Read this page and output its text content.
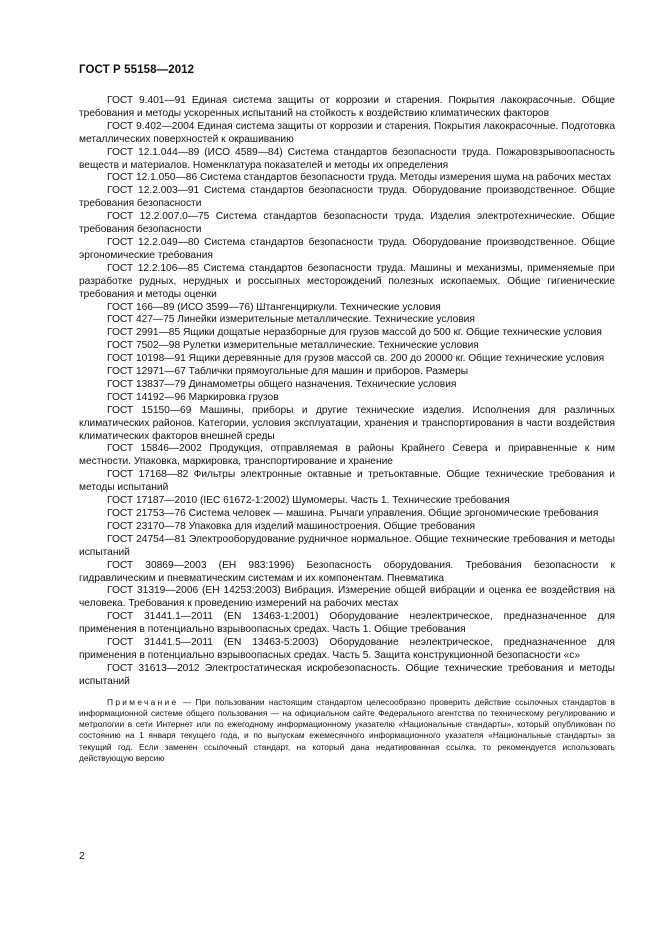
ГОСТ Р 55158—2012

ГОСТ 9.401—91 Единая система защиты от коррозии и старения. Покрытия лакокрасочные. Общие требования и методы ускоренных испытаний на стойкость к воздействию климатических факторов

ГОСТ 9.402—2004 Единая система защиты от коррозии и старения. Покрытия лакокрасочные. Подготовка металлических поверхностей к окрашиванию

ГОСТ 12.1.044—89 (ИСО 4589—84) Система стандартов безопасности труда. Пожаровзрывоопасность веществ и материалов. Номенклатура показателей и методы их определения

ГОСТ 12.1.050—86 Система стандартов безопасности труда. Методы измерения шума на рабочих местах

ГОСТ 12.2.003—91 Система стандартов безопасности труда. Оборудование производственное. Общие требования безопасности

ГОСТ 12.2.007.0—75 Система стандартов безопасности труда. Изделия электротехнические. Общие требования безопасности

ГОСТ 12.2.049—80 Система стандартов безопасности труда. Оборудование производственное. Общие эргономические требования

ГОСТ 12.2.106—85 Система стандартов безопасности труда. Машины и механизмы, применяемые при разработке рудных, нерудных и россыпных месторождений полезных ископаемых. Общие гигиенические требования и методы оценки

ГОСТ 166—89 (ИСО 3599—76) Штангенциркули. Технические условия

ГОСТ 427—75 Линейки измерительные металлические. Технические условия

ГОСТ 2991—85 Ящики дощатые неразборные для грузов массой до 500 кг. Общие технические условия

ГОСТ 7502—98 Рулетки измерительные металлические. Технические условия

ГОСТ 10198—91 Ящики деревянные для грузов массой св. 200 до 20000 кг. Общие технические условия

ГОСТ 12971—67 Таблички прямоугольные для машин и приборов. Размеры

ГОСТ 13837—79 Динамометры общего назначения. Технические условия

ГОСТ 14192—96 Маркировка грузов

ГОСТ 15150—69 Машины, приборы и другие технические изделия. Исполнения для различных климатических районов. Категории, условия эксплуатации, хранения и транспортирования в части воздействия климатических факторов внешней среды

ГОСТ 15846—2002 Продукция, отправляемая в районы Крайнего Севера и приравненные к ним местности. Упаковка, маркировка, транспортирование и хранение

ГОСТ 17168—82 Фильтры электронные октавные и третьоктавные. Общие технические требования и методы испытаний

ГОСТ 17187—2010 (IEC 61672-1:2002) Шумомеры. Часть 1. Технические требования

ГОСТ 21753—76 Система человек — машина. Рычаги управления. Общие эргономические требования

ГОСТ 23170—78 Упаковка для изделий машиностроения. Общие требования

ГОСТ 24754—81 Электрооборудование рудничное нормальное. Общие технические требования и методы испытаний

ГОСТ 30869—2003 (ЕН 983:1996) Безопасность оборудования. Требования безопасности к гидравлическим и пневматическим системам и их компонентам. Пневматика

ГОСТ 31319—2006 (ЕН 14253:2003) Вибрация. Измерение общей вибрации и оценка ее воздействия на человека. Требования к проведению измерений на рабочих местах

ГОСТ 31441.1—2011 (EN 13463-1:2001) Оборудование неэлектрическое, предназначенное для применения в потенциально взрывоопасных средах. Часть 1. Общие требования

ГОСТ 31441.5—2011 (EN 13463-5:2003) Оборудование неэлектрическое, предназначенное для применения в потенциально взрывоопасных средах. Часть 5. Защита конструкционной безопасности «с»

ГОСТ 31613—2012 Электростатическая искробезопасность. Общие технические требования и методы испытаний

Примечание — При пользовании настоящим стандартом целесообразно проверить действие ссылочных стандартов в информационной системе общего пользования — на официальном сайте Федерального агентства по техническому регулированию и метрологии в сети Интернет или по ежегодному информационному указателю «Национальные стандарты», который опубликован по состоянию на 1 января текущего года, и по выпускам ежемесячного информационного указателя «Национальные стандарты» за текущий год. Если заменен ссылочный стандарт, на который дана недатированная ссылка, то рекомендуется использовать действующую версию

2
